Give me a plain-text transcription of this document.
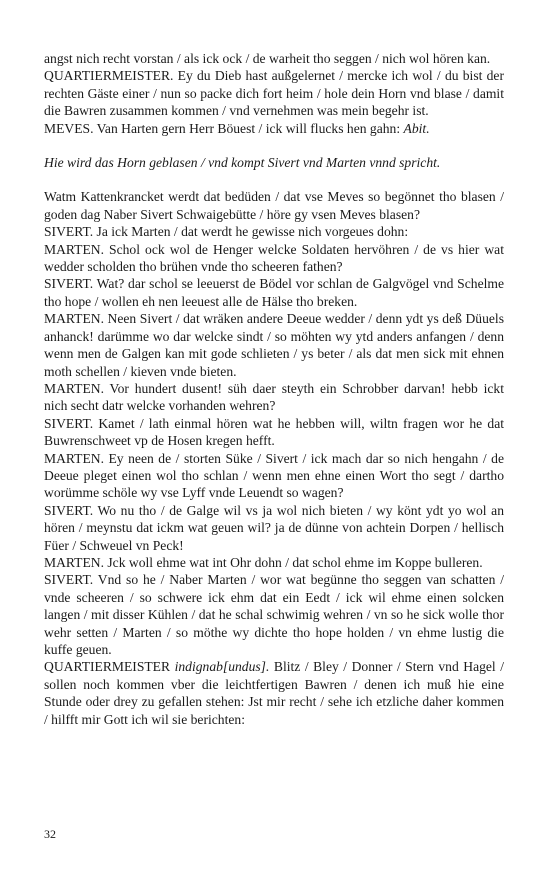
angst nich recht vorstan / als ick ock / de warheit tho seggen / nich wol hören kan.

QUARTIERMEISTER. Ey du Dieb hast außgelernet / mercke ich wol / du bist der rechten Gäste einer / nun so packe dich fort heim / hole dein Horn vnd blase / damit die Bawren zusammen kommen / vnd vernehmen was mein begehr ist.

MEVES. Van Harten gern Herr Böuest / ick will flucks hen gahn: Abit.

Hie wird das Horn geblasen / vnd kompt Sivert vnd Marten vnnd spricht.

Watm Kattenkrancket werdt dat bedüden / dat vse Meves so begönnet tho blasen / goden dag Naber Sivert Schwaigebütte / höre gy vsen Meves blasen?

SIVERT. Ja ick Marten / dat werdt he gewisse nich vorgeues dohn:

MARTEN. Schol ock wol de Henger welcke Soldaten hervöhren / de vs hier wat wedder scholden tho brühen vnde tho scheeren fathen?

SIVERT. Wat? dar schol se leeuerst de Bödel vor schlan de Galgvögel vnd Schelme tho hope / wollen eh nen leeuest alle de Hälse tho breken.

MARTEN. Neen Sivert / dat wräken andere Deeue wedder / denn ydt ys deß Düuels anhanck! darümme wo dar welcke sindt / so möhten wy ytd anders anfangen / denn wenn men de Galgen kan mit gode schlieten / ys beter / als dat men sick mit ehnen moth schellen / kieven vnde bieten.

MARTEN. Vor hundert dusent! süh daer steyth ein Schrobber darvan! hebb ickt nich secht datr welcke vorhanden wehren?

SIVERT. Kamet / lath einmal hören wat he hebben will, wiltn fragen wor he dat Buwrenschweet vp de Hosen kregen hefft.

MARTEN. Ey neen de / storten Süke / Sivert / ick mach dar so nich hengahn / de Deeue pleget einen wol tho schlan / wenn men ehne einen Wort tho segt / dartho worümme schöle wy vse Lyff vnde Leuendt so wagen?

SIVERT. Wo nu tho / de Galge wil vs ja wol nich bieten / wy könt ydt yo wol an hören / meynstu dat ickm wat geuen wil? ja de dünne von achtein Dorpen / hellisch Füer / Schweuel vn Peck!

MARTEN. Jck woll ehme wat int Ohr dohn / dat schol ehme im Koppe bulleren.

SIVERT. Vnd so he / Naber Marten / wor wat begünne tho seggen van schatten / vnde scheeren / so schwere ick ehm dat ein Eedt / ick wil ehme einen solcken langen / mit disser Kühlen / dat he schal schwimig wehren / vn so he sick wolle thor wehr setten / Marten / so möthe wy dichte tho hope holden / vn ehme lustig die kuffe geuen.

QUARTIERMEISTER indignab[undus]. Blitz / Bley / Donner / Stern vnd Hagel / sollen noch kommen vber die leichtfertigen Bawren / denen ich muß hie eine Stunde oder drey zu gefallen stehen: Jst mir recht / sehe ich etzliche daher kommen / hilfft mir Gott ich wil sie berichten:

32
